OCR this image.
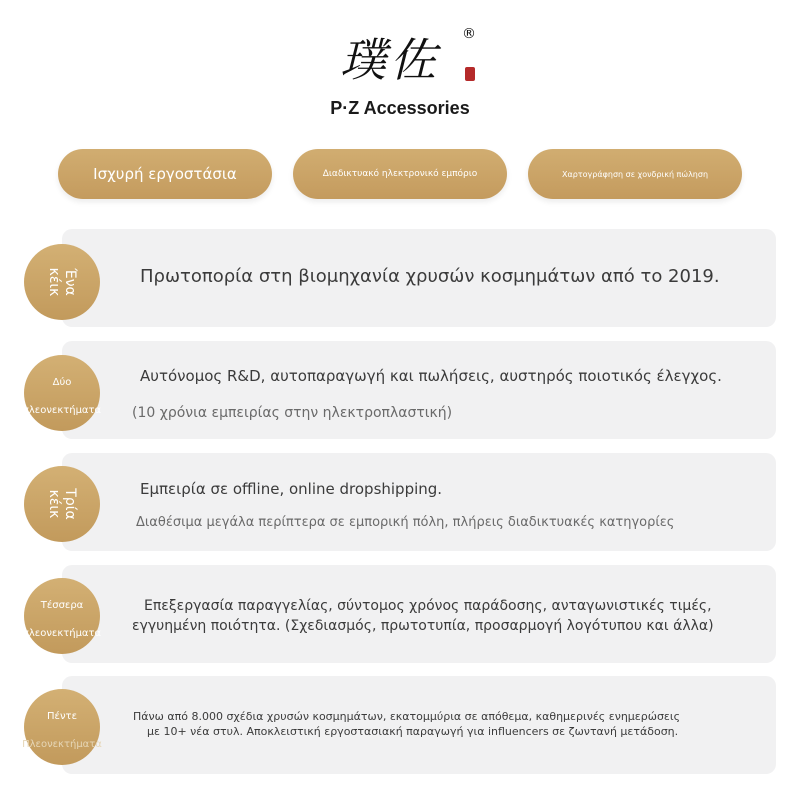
璞佐	®
P·Z Accessories
Ισχυρή εργοστάσια	Διαδικτυακό ηλεκτρονικό εμπόριο	Χαρτογράφηση σε χονδρική πώληση
Ένα
κέικ	Πρωτοπορία στη βιομηχανία χρυσών κοσμημάτων από το 2019.
Δύο
πλεονεκτήματα
Αυτόνομος R&D, αυτοπαραγωγή και πωλήσεις, αυστηρός ποιοτικός έλεγχος.
(10 χρόνια εμπειρίας στην ηλεκτροπλαστική)
Τρία
κέικ
Εμπειρία σε offline, online dropshipping.
Διαθέσιμα μεγάλα περίπτερα σε εμπορική πόλη, πλήρεις διαδικτυακές κατηγορίες
Τέσσερα
πλεονεκτήματα
Επεξεργασία παραγγελίας, σύντομος χρόνος παράδοσης, ανταγωνιστικές τιμές,
εγγυημένη ποιότητα. (Σχεδιασμός, πρωτοτυπία, προσαρμογή λογότυπου και άλλα)
Πέντε
Πλεονεκτήματα
Πάνω από 8.000 σχέδια χρυσών κοσμημάτων, εκατομμύρια σε απόθεμα, καθημερινές ενημερώσεις
με 10+ νέα στυλ. Αποκλειστική εργοστασιακή παραγωγή για influencers σε ζωντανή μετάδοση.
